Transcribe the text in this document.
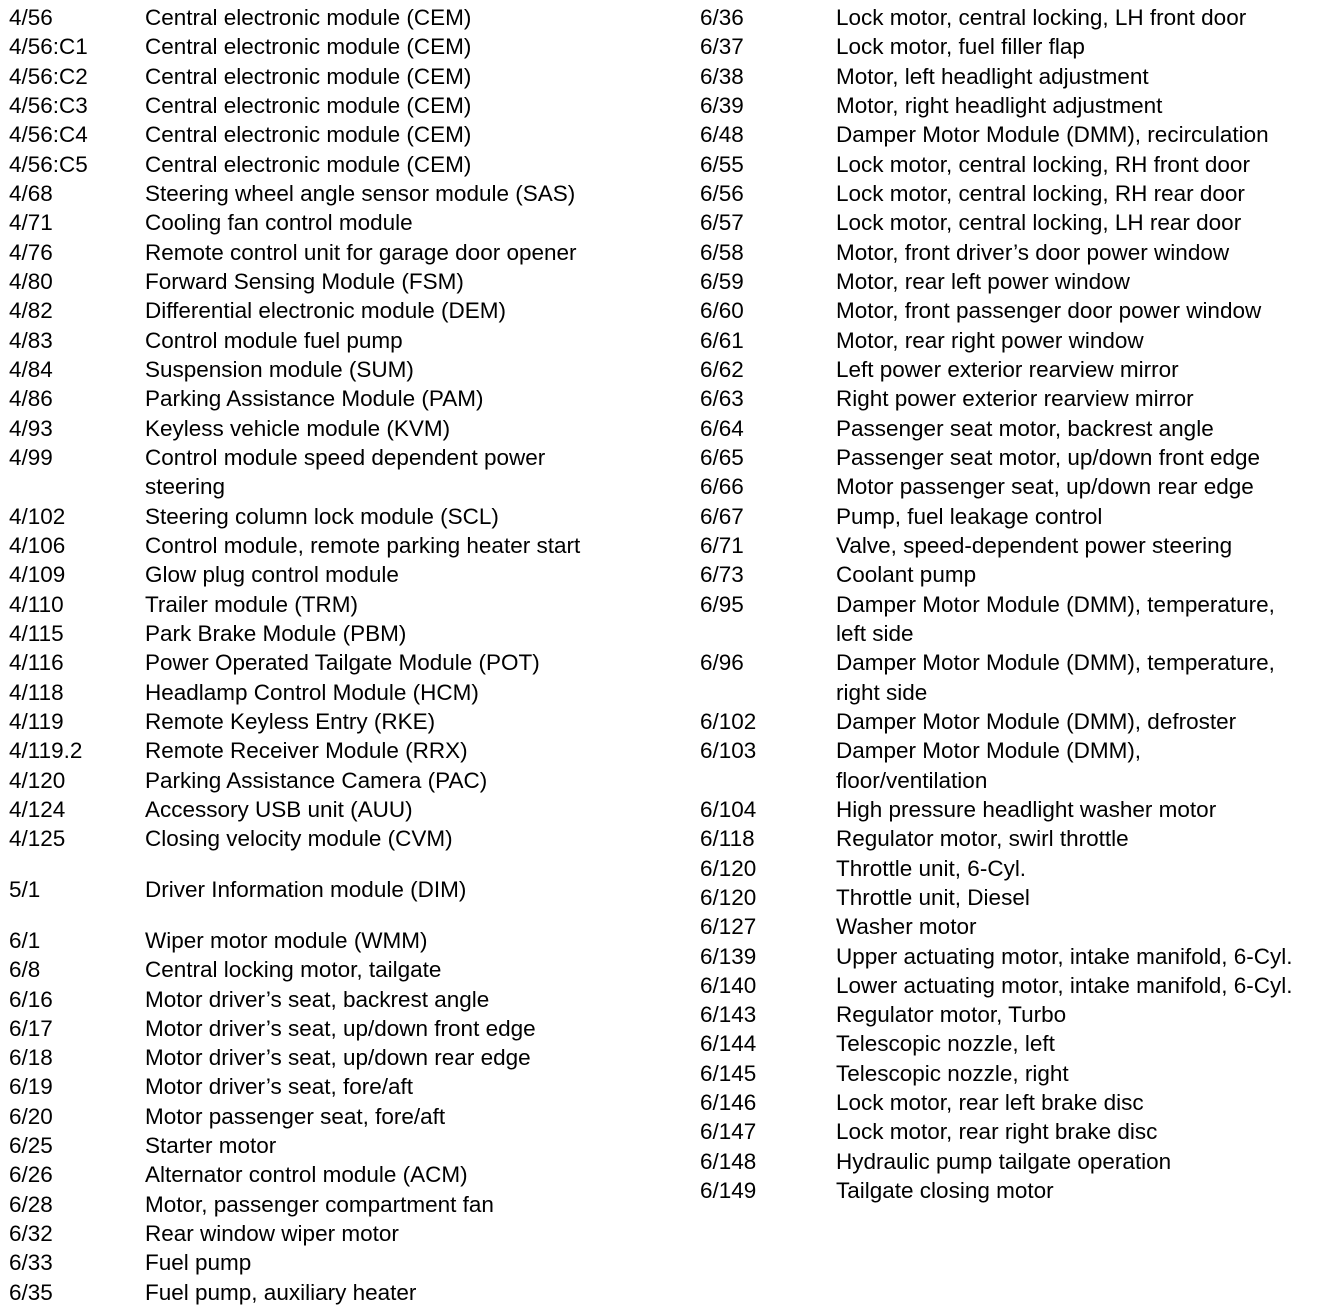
4/56	Central electronic module (CEM)
4/56:C1	Central electronic module (CEM)
4/56:C2	Central electronic module (CEM)
4/56:C3	Central electronic module (CEM)
4/56:C4	Central electronic module (CEM)
4/56:C5	Central electronic module (CEM)
4/68	Steering wheel angle sensor module (SAS)
4/71	Cooling fan control module
4/76	Remote control unit for garage door opener
4/80	Forward Sensing Module (FSM)
4/82	Differential electronic module (DEM)
4/83	Control module fuel pump
4/84	Suspension module (SUM)
4/86	Parking Assistance Module (PAM)
4/93	Keyless vehicle module (KVM)
4/99	Control module speed dependent power
steering
4/102	Steering column lock module (SCL)
4/106	Control module, remote parking heater start
4/109	Glow plug control module
4/110	Trailer module (TRM)
4/115	Park Brake Module (PBM)
4/116	Power Operated Tailgate Module (POT)
4/118	Headlamp Control Module (HCM)
4/119	Remote Keyless Entry (RKE)
4/119.2	Remote Receiver Module (RRX)
4/120	Parking Assistance Camera (PAC)
4/124	Accessory USB unit (AUU)
4/125	Closing velocity module (CVM)
5/1	Driver Information module (DIM)
6/1	Wiper motor module (WMM)
6/8	Central locking motor, tailgate
6/16	Motor driver’s seat, backrest angle
6/17	Motor driver’s seat, up/down front edge
6/18	Motor driver’s seat, up/down rear edge
6/19	Motor driver’s seat, fore/aft
6/20	Motor passenger seat, fore/aft
6/25	Starter motor
6/26	Alternator control module (ACM)
6/28	Motor, passenger compartment fan
6/32	Rear window wiper motor
6/33	Fuel pump
6/35	Fuel pump, auxiliary heater
6/36	Lock motor, central locking, LH front door
6/37	Lock motor, fuel filler flap
6/38	Motor, left headlight adjustment
6/39	Motor, right headlight adjustment
6/48	Damper Motor Module (DMM), recirculation
6/55	Lock motor, central locking, RH front door
6/56	Lock motor, central locking, RH rear door
6/57	Lock motor, central locking, LH rear door
6/58	Motor, front driver’s door power window
6/59	Motor, rear left power window
6/60	Motor, front passenger door power window
6/61	Motor, rear right power window
6/62	Left power exterior rearview mirror
6/63	Right power exterior rearview mirror
6/64	Passenger seat motor, backrest angle
6/65	Passenger seat motor, up/down front edge
6/66	Motor passenger seat, up/down rear edge
6/67	Pump, fuel leakage control
6/71	Valve, speed-dependent power steering
6/73	Coolant pump
6/95	Damper Motor Module (DMM), temperature,
left side
6/96	Damper Motor Module (DMM), temperature,
right side
6/102	Damper Motor Module (DMM), defroster
6/103	Damper Motor Module (DMM),
floor/ventilation
6/104	High pressure headlight washer motor
6/118	Regulator motor, swirl throttle
6/120	Throttle unit, 6-Cyl.
6/120	Throttle unit, Diesel
6/127	Washer motor
6/139	Upper actuating motor, intake manifold, 6-Cyl.
6/140	Lower actuating motor, intake manifold, 6-Cyl.
6/143	Regulator motor, Turbo
6/144	Telescopic nozzle, left
6/145	Telescopic nozzle, right
6/146	Lock motor, rear left brake disc
6/147	Lock motor, rear right brake disc
6/148	Hydraulic pump tailgate operation
6/149	Tailgate closing motor
